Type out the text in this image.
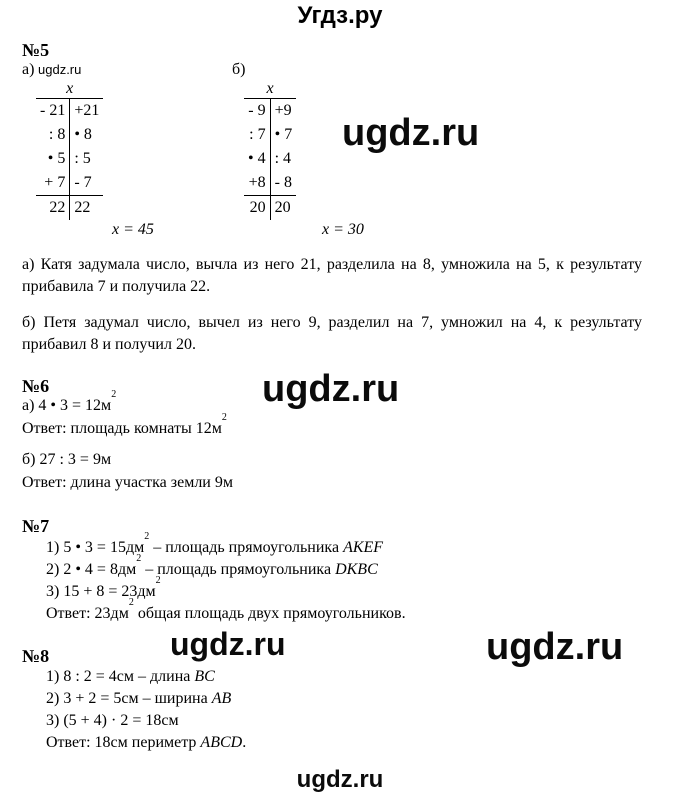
Угдз.ру
№5
а) ugdz.ru	б)
x	
- 21	+21
: 8	• 8
• 5	: 5
+ 7	- 7
22	22
x	
- 9	+9
: 7	• 7
• 4	: 4
+8	- 8
20	20
ugdz.ru
x = 45	x = 30
а) Катя задумала число, вычла из него 21, разделила на 8, умножила на 5, к результату прибавила 7 и получила 22.
б) Петя задумал число, вычел из него 9, разделил на 7, умножил на 4, к результату прибавил 8 и получил 20.
№6	ugdz.ru
а) 4 • $3 = 12м^2$
Ответ: площадь комнаты $12м^2$
б) 27 : 3 = 9м
Ответ: длина участка земли 9м
№7
1) 5 • $3 = 15дм^2$ – площадь прямоугольника AKEF
2) 2 • $4 = 8дм^2$ – площадь прямоугольника DKBC
3) $15 + 8 = 23дм^2$
Ответ: $23дм^2$ общая площадь двух прямоугольников.
ugdz.ru	ugdz.ru
№8
1) 8 : 2 = 4см – длина BC
2) 3 + 2 = 5см – ширина AB
3) (5 + 4) · 2 = 18см
Ответ: 18см периметр ABCD.
ugdz.ru
